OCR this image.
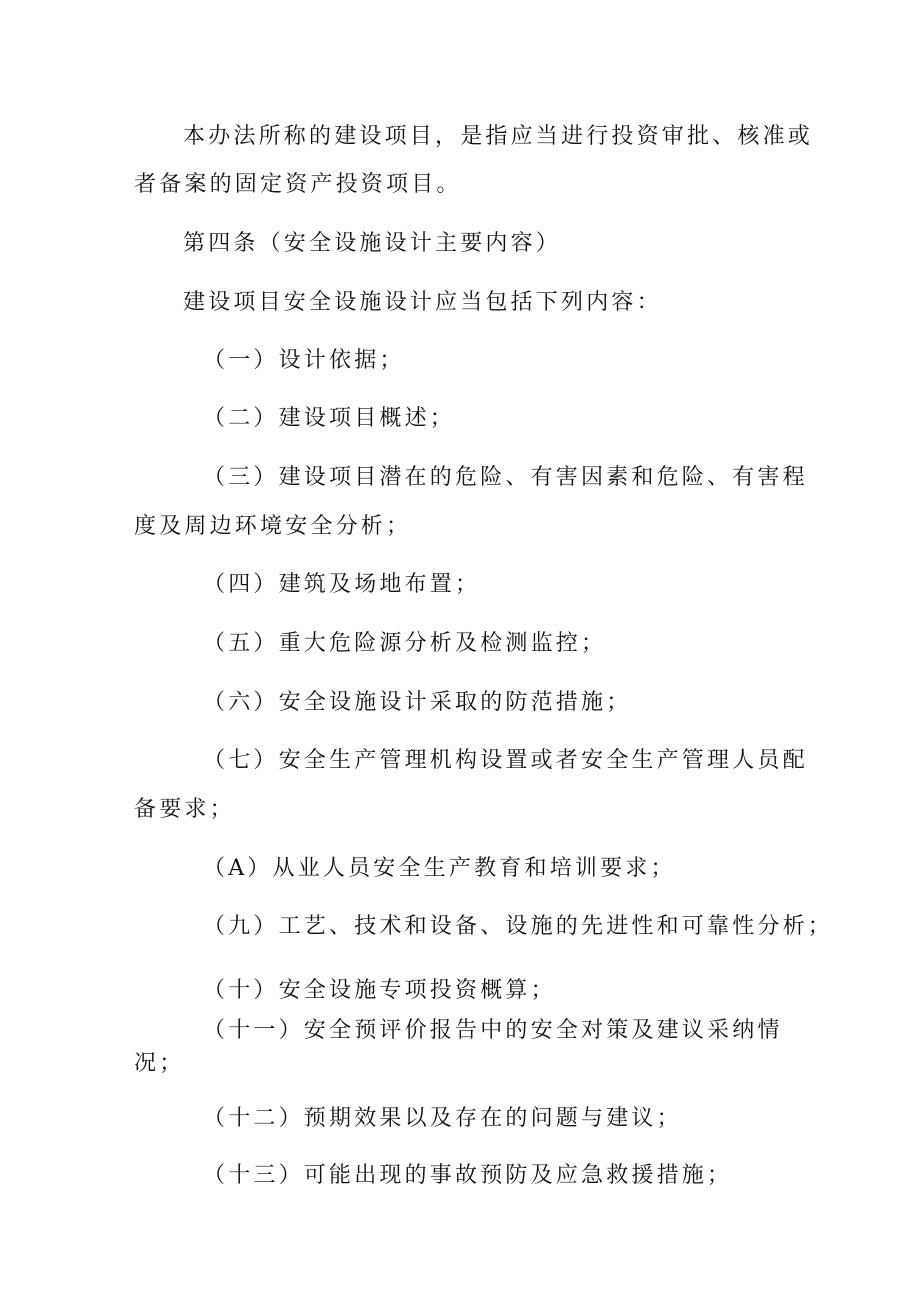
本办法所称的建设项目，是指应当进行投资审批、核准或
者备案的固定资产投资项目。
第四条（安全设施设计主要内容）
建设项目安全设施设计应当包括下列内容：
（一）设计依据；
（二）建设项目概述；
（三）建设项目潜在的危险、有害因素和危险、有害程
度及周边环境安全分析；
（四）建筑及场地布置；
（五）重大危险源分析及检测监控；
（六）安全设施设计采取的防范措施；
（七）安全生产管理机构设置或者安全生产管理人员配
备要求；
（A）从业人员安全生产教育和培训要求；
（九）工艺、技术和设备、设施的先进性和可靠性分析；
（十）安全设施专项投资概算；
（十一）安全预评价报告中的安全对策及建议采纳情
况；
（十二）预期效果以及存在的问题与建议；
（十三）可能出现的事故预防及应急救援措施；
